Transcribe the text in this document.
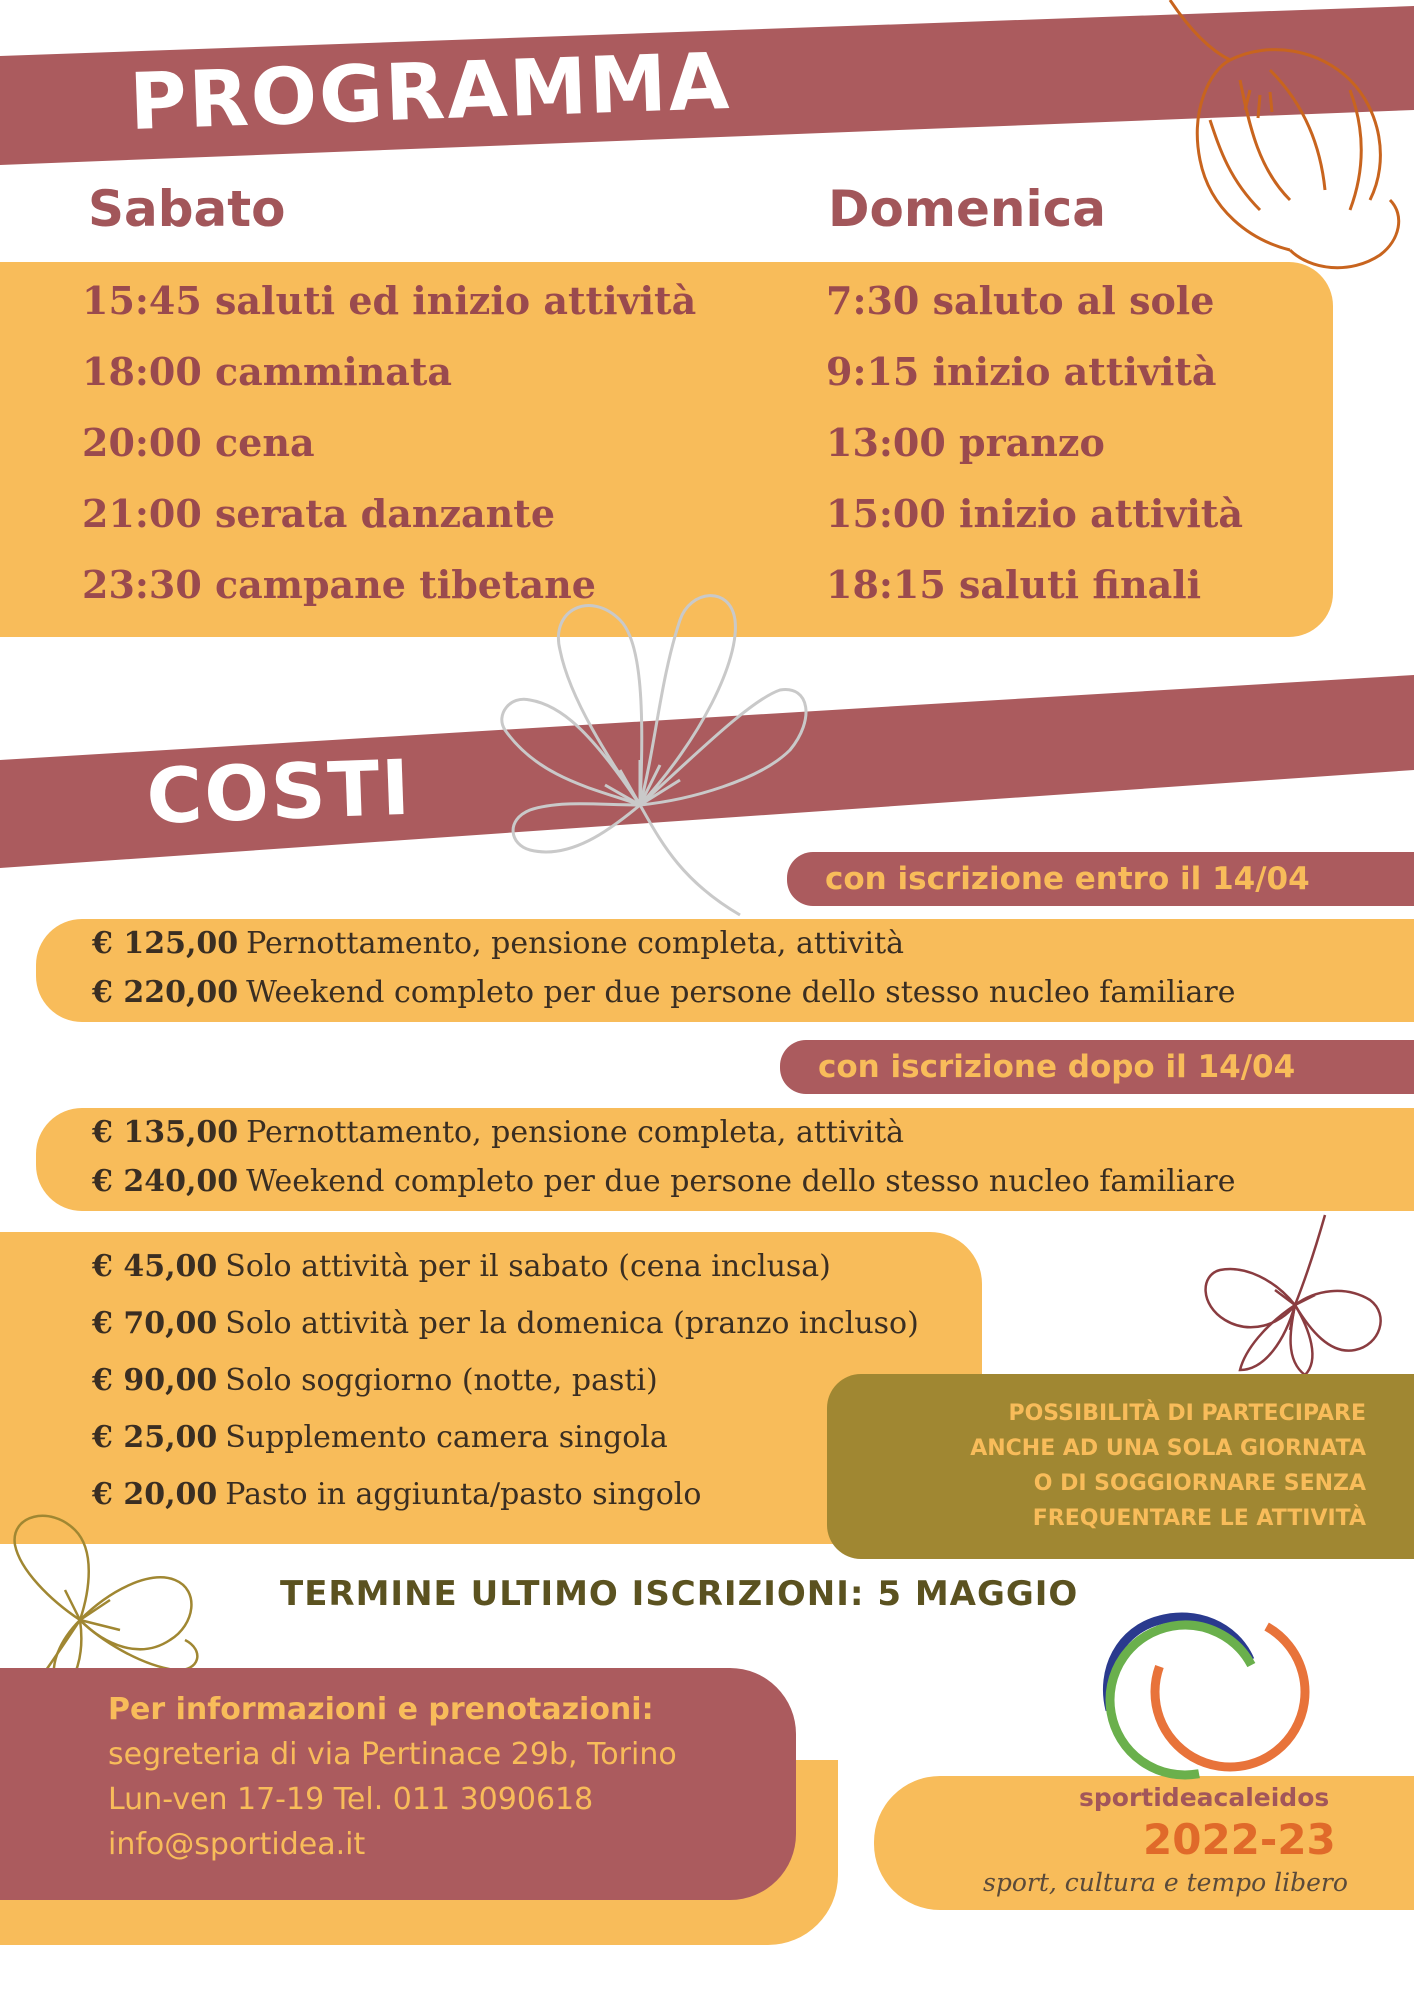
PROGRAMMA
Sabato	Domenica
15:45 saluti ed inizio attività
18:00 camminata
20:00 cena
21:00 serata danzante
23:30 campane tibetane
7:30 saluto al sole
9:15 inizio attività
13:00 pranzo
15:00 inizio attività
18:15 saluti finali
COSTI
con iscrizione entro il 14/04
€ 125,00 Pernottamento, pensione completa, attività
€ 220,00 Weekend completo per due persone dello stesso nucleo familiare
con iscrizione dopo il 14/04
€ 135,00 Pernottamento, pensione completa, attività
€ 240,00 Weekend completo per due persone dello stesso nucleo familiare
€ 45,00 Solo attività per il sabato (cena inclusa)
€ 70,00 Solo attività per la domenica (pranzo incluso)
€ 90,00 Solo soggiorno (notte, pasti)
€ 25,00 Supplemento camera singola
€ 20,00 Pasto in aggiunta/pasto singolo
POSSIBILITÀ DI PARTECIPARE
ANCHE AD UNA SOLA GIORNATA
O DI SOGGIORNARE SENZA
FREQUENTARE LE ATTIVITÀ
TERMINE ULTIMO ISCRIZIONI: 5 MAGGIO
Per informazioni e prenotazioni:
segreteria di via Pertinace 29b, Torino
Lun-ven 17-19 Tel. 011 3090618
info@sportidea.it
sportideacaleidos
2022-23
sport, cultura e tempo libero
